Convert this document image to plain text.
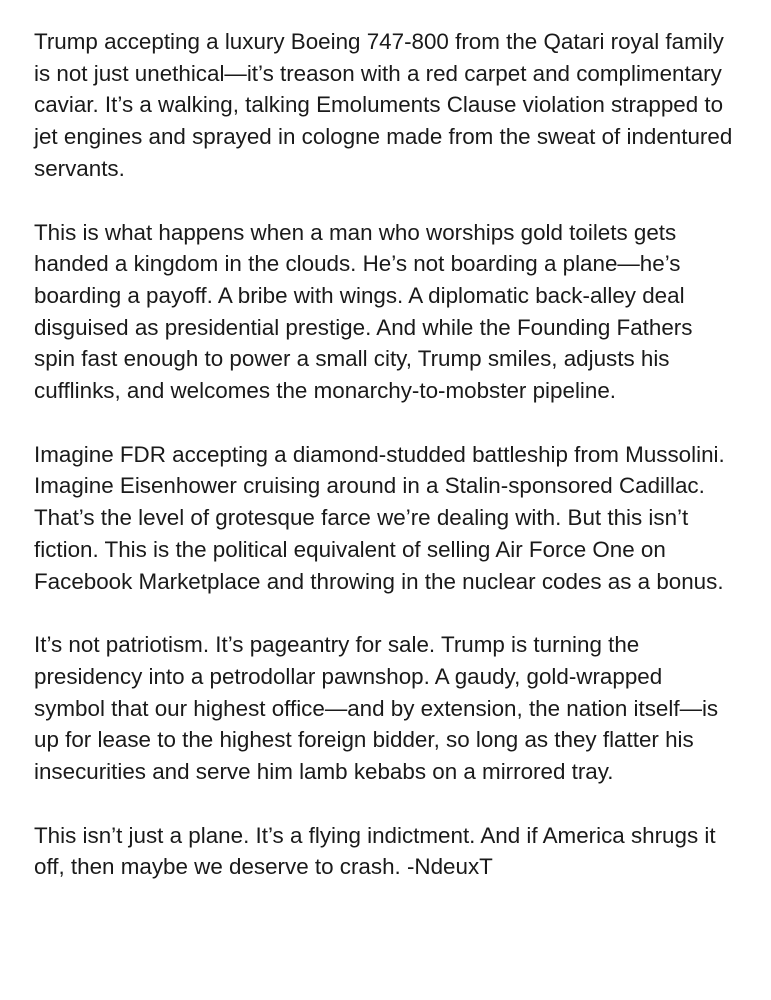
Trump accepting a luxury Boeing 747-800 from the Qatari royal family is not just unethical—it’s treason with a red carpet and complimentary caviar. It’s a walking, talking Emoluments Clause violation strapped to jet engines and sprayed in cologne made from the sweat of indentured servants.

This is what happens when a man who worships gold toilets gets handed a kingdom in the clouds. He’s not boarding a plane—he’s boarding a payoff. A bribe with wings. A diplomatic back-alley deal disguised as presidential prestige. And while the Founding Fathers spin fast enough to power a small city, Trump smiles, adjusts his cufflinks, and welcomes the monarchy-to-mobster pipeline.

Imagine FDR accepting a diamond-studded battleship from Mussolini. Imagine Eisenhower cruising around in a Stalin-sponsored Cadillac. That’s the level of grotesque farce we’re dealing with. But this isn’t fiction. This is the political equivalent of selling Air Force One on Facebook Marketplace and throwing in the nuclear codes as a bonus.

It’s not patriotism. It’s pageantry for sale. Trump is turning the presidency into a petrodollar pawnshop. A gaudy, gold-wrapped symbol that our highest office—and by extension, the nation itself—is up for lease to the highest foreign bidder, so long as they flatter his insecurities and serve him lamb kebabs on a mirrored tray.

This isn’t just a plane. It’s a flying indictment. And if America shrugs it off, then maybe we deserve to crash. -NdeuxT
